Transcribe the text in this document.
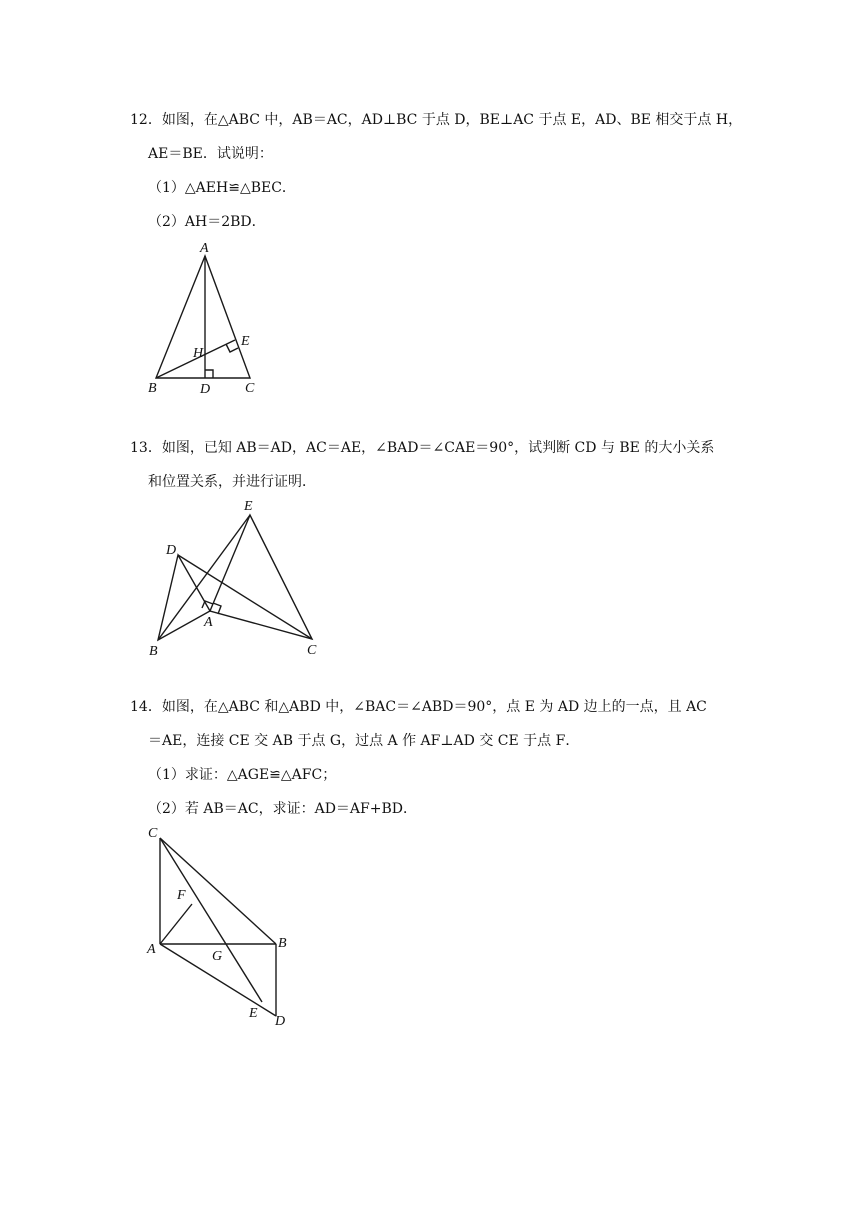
12．如图，在△ABC 中，AB＝AC，AD⊥BC 于点 D，BE⊥AC 于点 E，AD、BE 相交于点 H，
AE＝BE．试说明：
（1）△AEH≌△BEC．
（2）AH＝2BD．
A
B	C
D
E
H
13．如图，已知 AB＝AD，AC＝AE，∠BAD＝∠CAE＝90°，试判断 CD 与 BE 的大小关系
和位置关系，并进行证明．
D
B
A
E
C
14．如图，在△ABC 和△ABD 中，∠BAC＝∠ABD＝90°，点 E 为 AD 边上的一点，且 AC
＝AE，连接 CE 交 AB 于点 G，过点 A 作 AF⊥AD 交 CE 于点 F．
（1）求证：△AGE≌△AFC；
（2）若 AB＝AC，求证：AD＝AF+BD．
C
F
A	G
B
E
D
